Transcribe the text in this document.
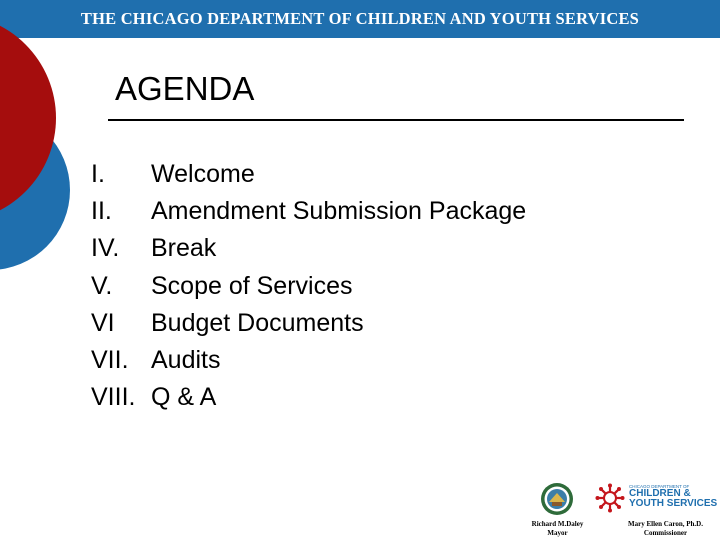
THE CHICAGO DEPARTMENT OF CHILDREN AND YOUTH SERVICES
AGENDA
I.	Welcome
II.	Amendment Submission Package
IV.	Break
V.	Scope of Services
VI	Budget Documents
VII. Audits
VIII. Q & A
Richard M.Daley
Mayor
CHICAGO DEPARTMENT OF
CHILDREN &
YOUTH SERVICES
Mary Ellen Caron, Ph.D.
Commissioner
